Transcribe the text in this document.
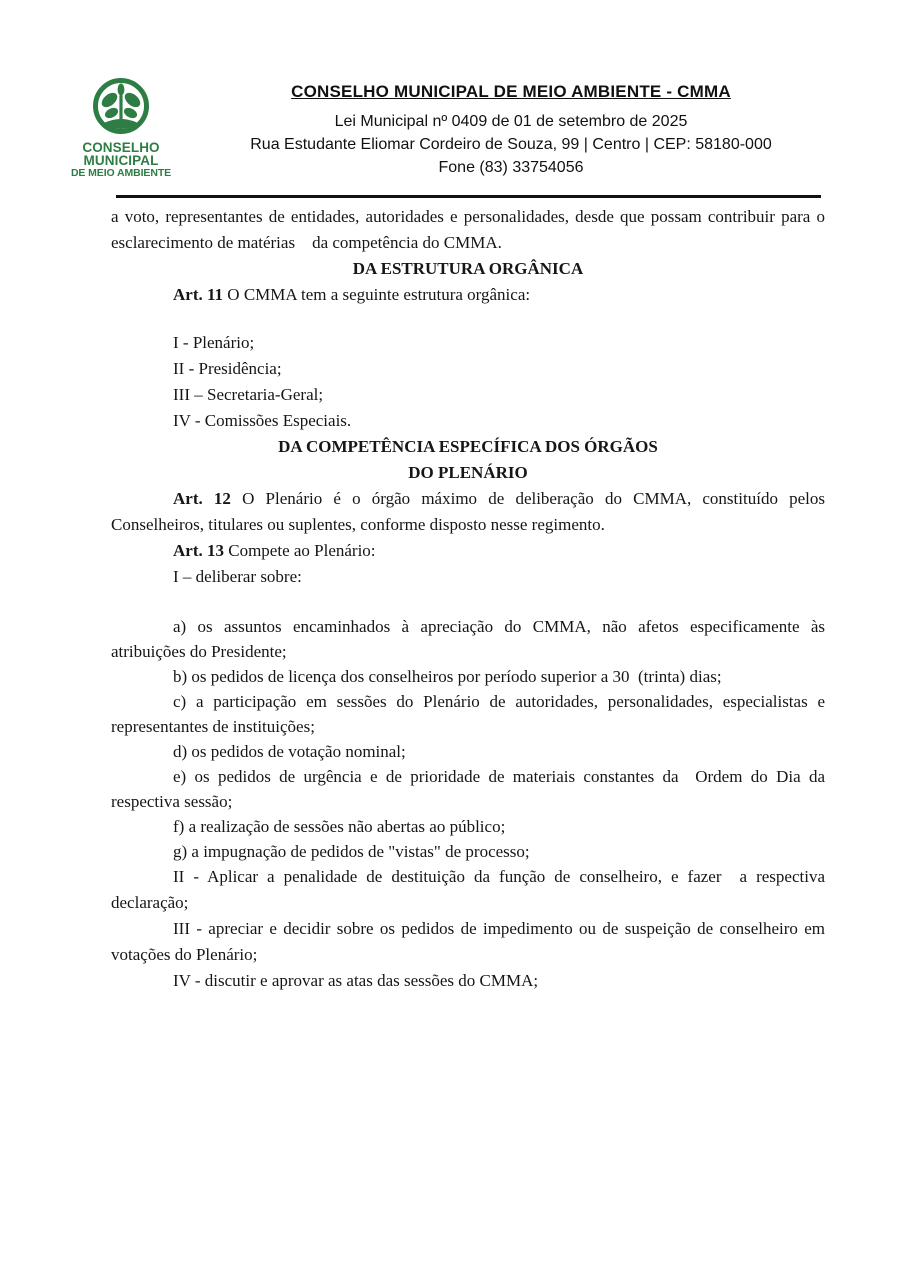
CONSELHO
MUNICIPAL
DE MEIO AMBIENTE
CONSELHO MUNICIPAL DE MEIO AMBIENTE - CMMA
Lei Municipal nº 0409 de 01 de setembro de 2025
Rua Estudante Eliomar Cordeiro de Souza, 99 | Centro | CEP: 58180-000
Fone (83) 33754056

a voto, representantes de entidades, autoridades e personalidades, desde que possam contribuir para o esclarecimento de matérias    da competência do CMMA.

DA ESTRUTURA ORGÂNICA

Art. 11 O CMMA tem a seguinte estrutura orgânica:

I - Plenário;

II - Presidência;

III – Secretaria-Geral;

IV - Comissões Especiais.

DA COMPETÊNCIA ESPECÍFICA DOS ÓRGÃOS
DO PLENÁRIO

Art. 12 O Plenário é o órgão máximo de deliberação do CMMA, constituído pelos Conselheiros, titulares ou suplentes, conforme disposto nesse regimento.

Art. 13 Compete ao Plenário:

I – deliberar sobre:

a) os assuntos encaminhados à apreciação do CMMA, não afetos especificamente às atribuições do Presidente;

b) os pedidos de licença dos conselheiros por período superior a 30  (trinta) dias;

c) a participação em sessões do Plenário de autoridades, personalidades, especialistas e representantes de instituições;

d) os pedidos de votação nominal;

e) os pedidos de urgência e de prioridade de materiais constantes da  Ordem do Dia da respectiva sessão;

f) a realização de sessões não abertas ao público;

g) a impugnação de pedidos de "vistas" de processo;

II - Aplicar a penalidade de destituição da função de conselheiro, e fazer  a respectiva declaração;

III - apreciar e decidir sobre os pedidos de impedimento ou de suspeição de conselheiro em votações do Plenário;

IV - discutir e aprovar as atas das sessões do CMMA;
